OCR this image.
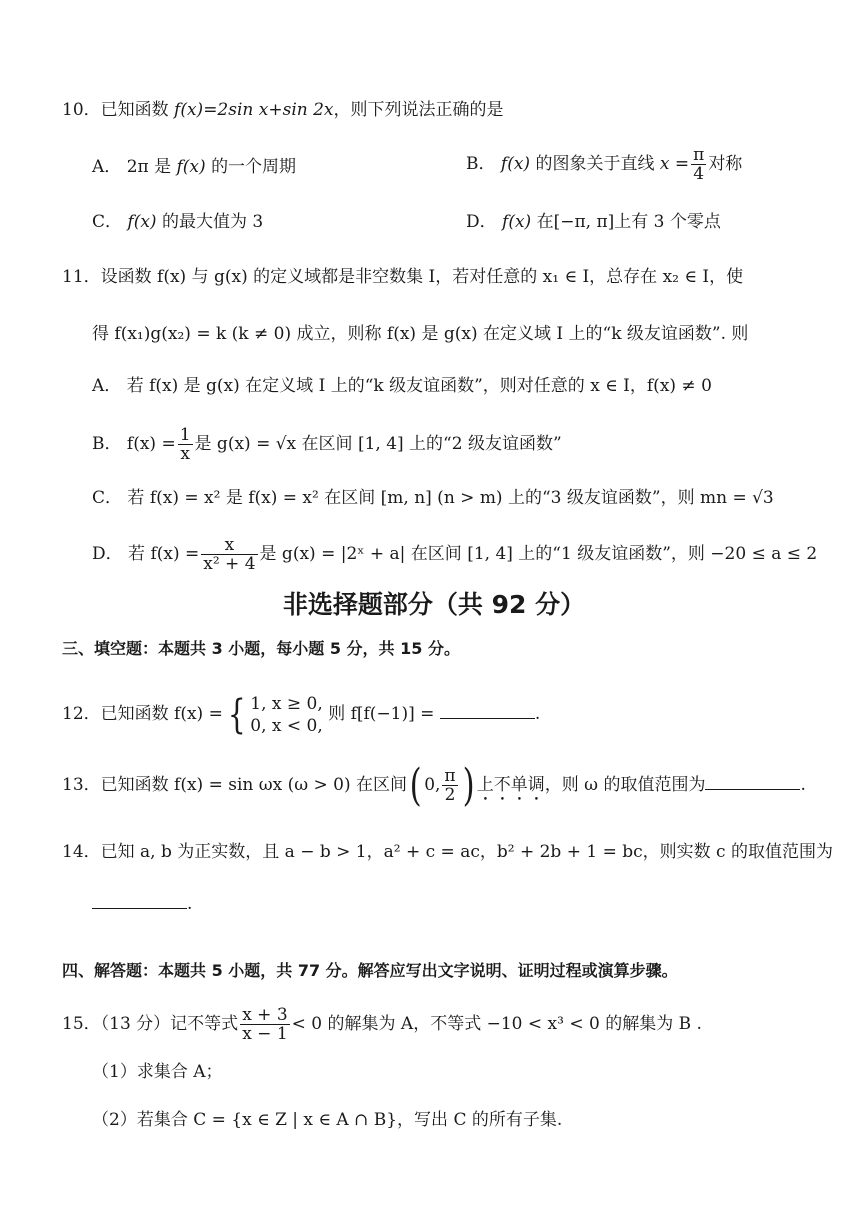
10．已知函数 f(x)=2sin x+sin 2x，则下列说法正确的是
A． 2π 是 f(x) 的一个周期	B． f(x) 的图象关于直线 $x = \frac{\pi}{4}$ 对称
C． f(x) 的最大值为 3	D． f(x) 在[−π, π]上有 3 个零点
11．设函数 f(x) 与 g(x) 的定义域都是非空数集 I，若对任意的 x₁ ∈ I，总存在 x₂ ∈ I，使
得 f(x₁)g(x₂) = k (k ≠ 0) 成立，则称 f(x) 是 g(x) 在定义域 I 上的“k 级友谊函数”. 则
A． 若 f(x) 是 g(x) 在定义域 I 上的“k 级友谊函数”，则对任意的 x ∈ I，f(x) ≠ 0
B． $f(x) = \frac{1}{x}$ 是 g(x) = √x 在区间 [1, 4] 上的“2 级友谊函数”
C． 若 f(x) = x² 是 f(x) = x² 在区间 [m, n] (n > m) 上的“3 级友谊函数”，则 mn = √3
D． 若 $f(x) = \frac{x}{\text{x² + 4}}$ 是 g(x) = |2ˣ + a| 在区间 [1, 4] 上的“1 级友谊函数”，则 −20 ≤ a ≤ 2
非选择题部分（共 92 分）
三、填空题：本题共 3 小题，每小题 5 分，共 15 分。
12．已知函数 f(x) = { 1, x ≥ 0,
0, x < 0,
则 f[f(−1)] =	.
13．已知函数 f(x) = sin ωx (ω > 0) 在区间( 0, $\frac{\pi}{2}$ ) 上不单调，则 ω 的取值范围为	.
14．已知 a, b 为正实数，且 a − b > 1，a² + c = ac，b² + 2b + 1 = bc，则实数 c 的取值范围为
.
四、解答题：本题共 5 小题，共 77 分。解答应写出文字说明、证明过程或演算步骤。
15．（13 分）记不等式 $\frac{x + 3}{x - 1} < 0$ 的解集为 A，不等式 −10 < x³ < 0 的解集为 B .
（1）求集合 A；
（2）若集合 C = {x ∈ Z | x ∈ A ∩ B}，写出 C 的所有子集.
